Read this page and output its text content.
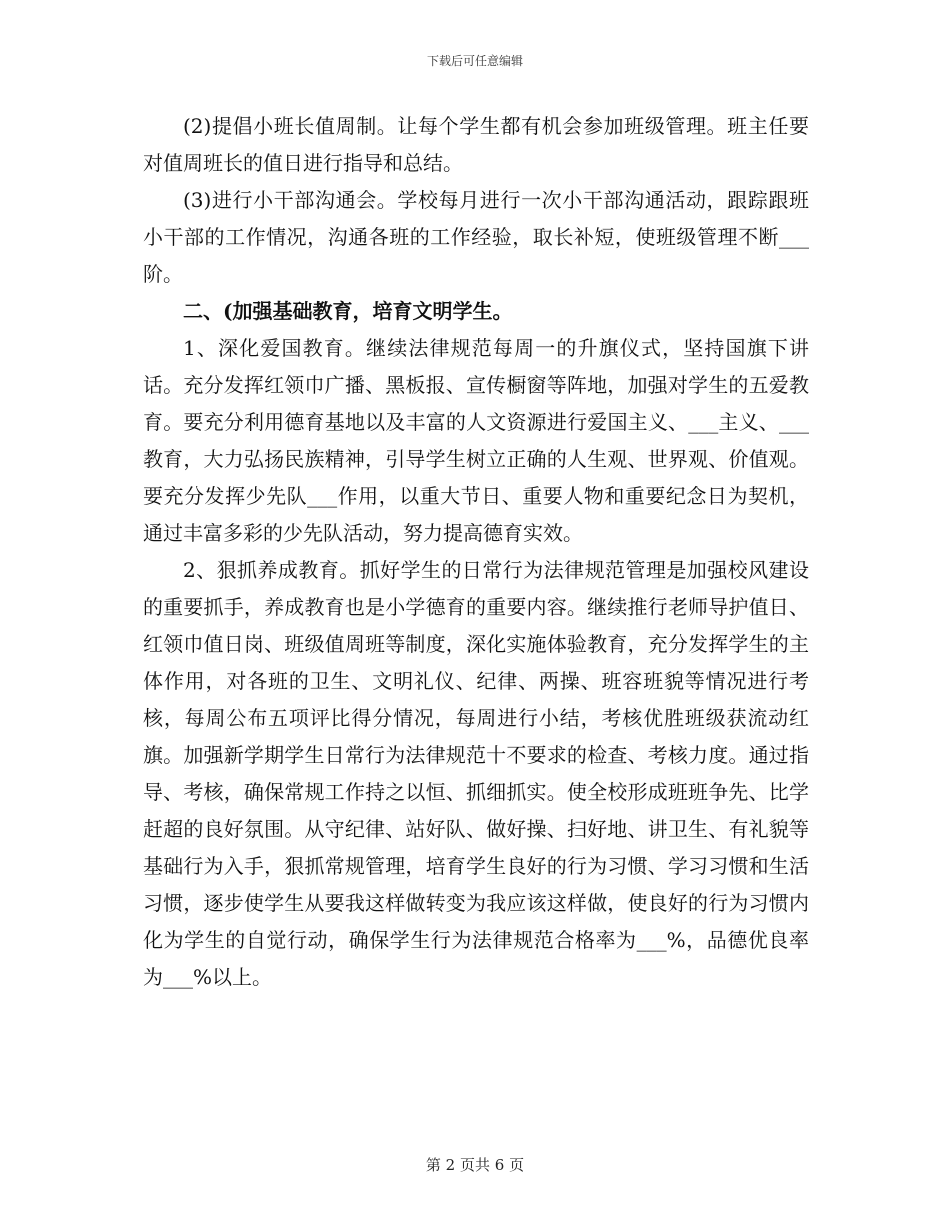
下载后可任意编辑

(2)提倡小班长值周制。让每个学生都有机会参加班级管理。班主任要对值周班长的值日进行指导和总结。

(3)进行小干部沟通会。学校每月进行一次小干部沟通活动，跟踪跟班小干部的工作情况，沟通各班的工作经验，取长补短，使班级管理不断___阶。

二、(加强基础教育，培育文明学生。

1、深化爱国教育。继续法律规范每周一的升旗仪式，坚持国旗下讲话。充分发挥红领巾广播、黑板报、宣传橱窗等阵地，加强对学生的五爱教育。要充分利用德育基地以及丰富的人文资源进行爱国主义、___主义、___教育，大力弘扬民族精神，引导学生树立正确的人生观、世界观、价值观。要充分发挥少先队___作用，以重大节日、重要人物和重要纪念日为契机，通过丰富多彩的少先队活动，努力提高德育实效。

2、狠抓养成教育。抓好学生的日常行为法律规范管理是加强校风建设的重要抓手，养成教育也是小学德育的重要内容。继续推行老师导护值日、红领巾值日岗、班级值周班等制度，深化实施体验教育，充分发挥学生的主体作用，对各班的卫生、文明礼仪、纪律、两操、班容班貌等情况进行考核，每周公布五项评比得分情况，每周进行小结，考核优胜班级获流动红旗。加强新学期学生日常行为法律规范十不要求的检查、考核力度。通过指导、考核，确保常规工作持之以恒、抓细抓实。使全校形成班班争先、比学赶超的良好氛围。从守纪律、站好队、做好操、扫好地、讲卫生、有礼貌等基础行为入手，狠抓常规管理，培育学生良好的行为习惯、学习习惯和生活习惯，逐步使学生从要我这样做转变为我应该这样做，使良好的行为习惯内化为学生的自觉行动，确保学生行为法律规范合格率为___%，品德优良率为___%以上。

第 2 页共 6 页
